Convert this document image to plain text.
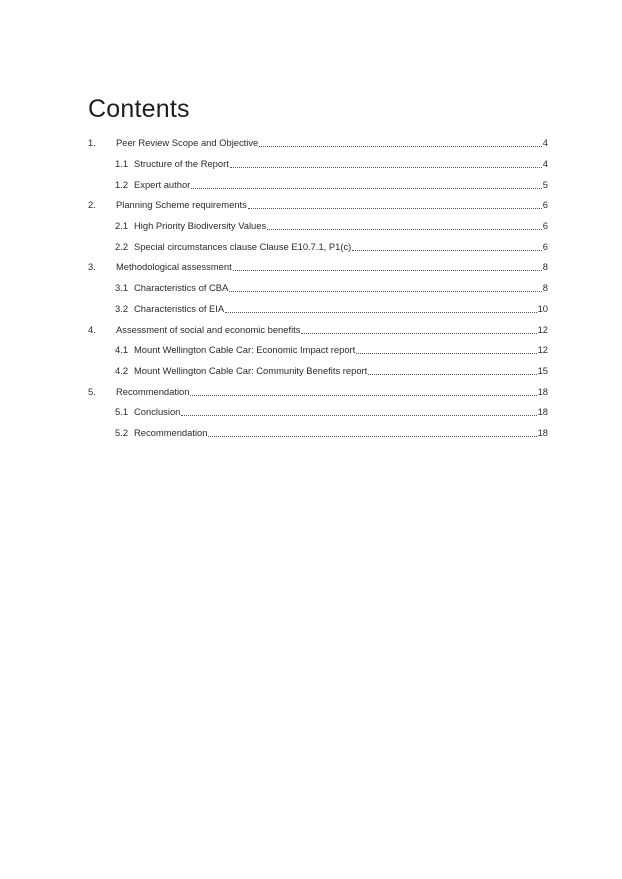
Contents
1.	Peer Review Scope and Objective	4
1.1 Structure of the Report	4
1.2 Expert author	5
2.	Planning Scheme requirements	6
2.1 High Priority Biodiversity Values	6
2.2 Special circumstances clause Clause E10.7.1, P1(c)	6
3.	Methodological assessment	8
3.1 Characteristics of CBA	8
3.2 Characteristics of EIA	10
4.	Assessment of social and economic benefits	12
4.1 Mount Wellington Cable Car: Economic Impact report	12
4.2 Mount Wellington Cable Car: Community Benefits report	15
5.	Recommendation	18
5.1 Conclusion	18
5.2 Recommendation	18
